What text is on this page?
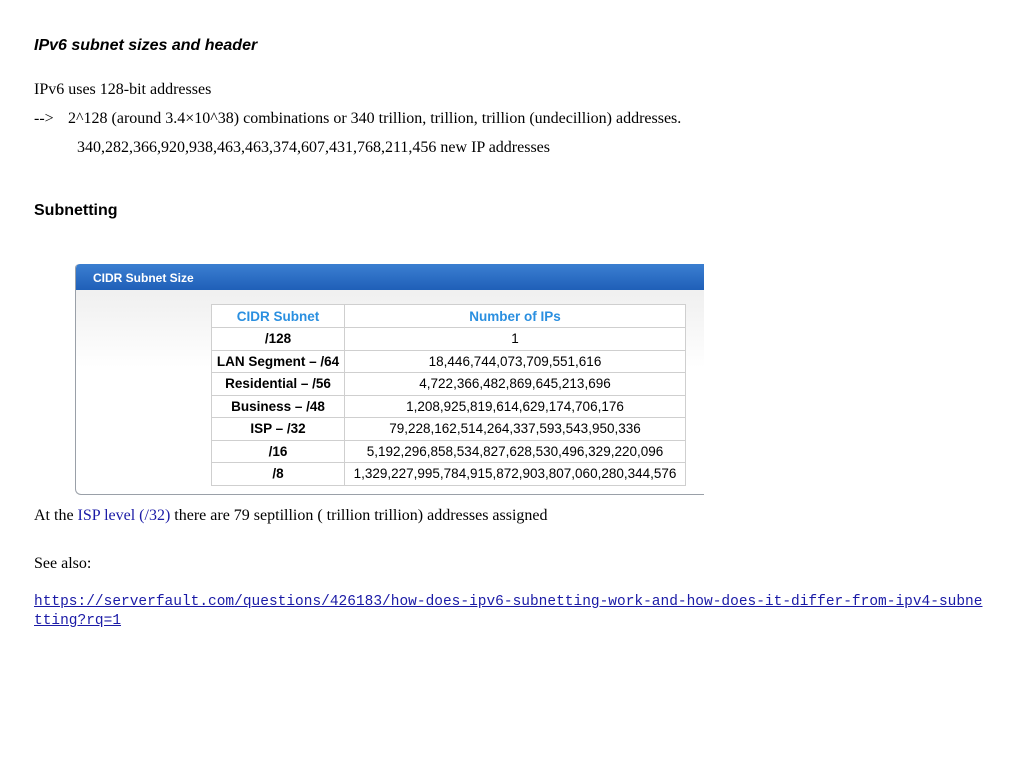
IPv6 subnet sizes and header

IPv6 uses 128-bit addresses

--> 2^128 (around 3.4×10^38) combinations or 340 trillion, trillion, trillion (undecillion) addresses.

340,282,366,920,938,463,463,374,607,431,768,211,456 new IP addresses

Subnetting
CIDR Subnet Size
CIDR Subnet	Number of IPs
/128	1
LAN Segment – /64	18,446,744,073,709,551,616
Residential – /56	4,722,366,482,869,645,213,696
Business – /48	1,208,925,819,614,629,174,706,176
ISP – /32	79,228,162,514,264,337,593,543,950,336
/16	5,192,296,858,534,827,628,530,496,329,220,096
/8	1,329,227,995,784,915,872,903,807,060,280,344,576

At the ISP level (/32) there are 79 septillion ( trillion trillion) addresses assigned

See also:

https://serverfault.com/questions/426183/how-does-ipv6-subnetting-work-and-how-does-it-differ-from-ipv4-subnetting?rq=1
